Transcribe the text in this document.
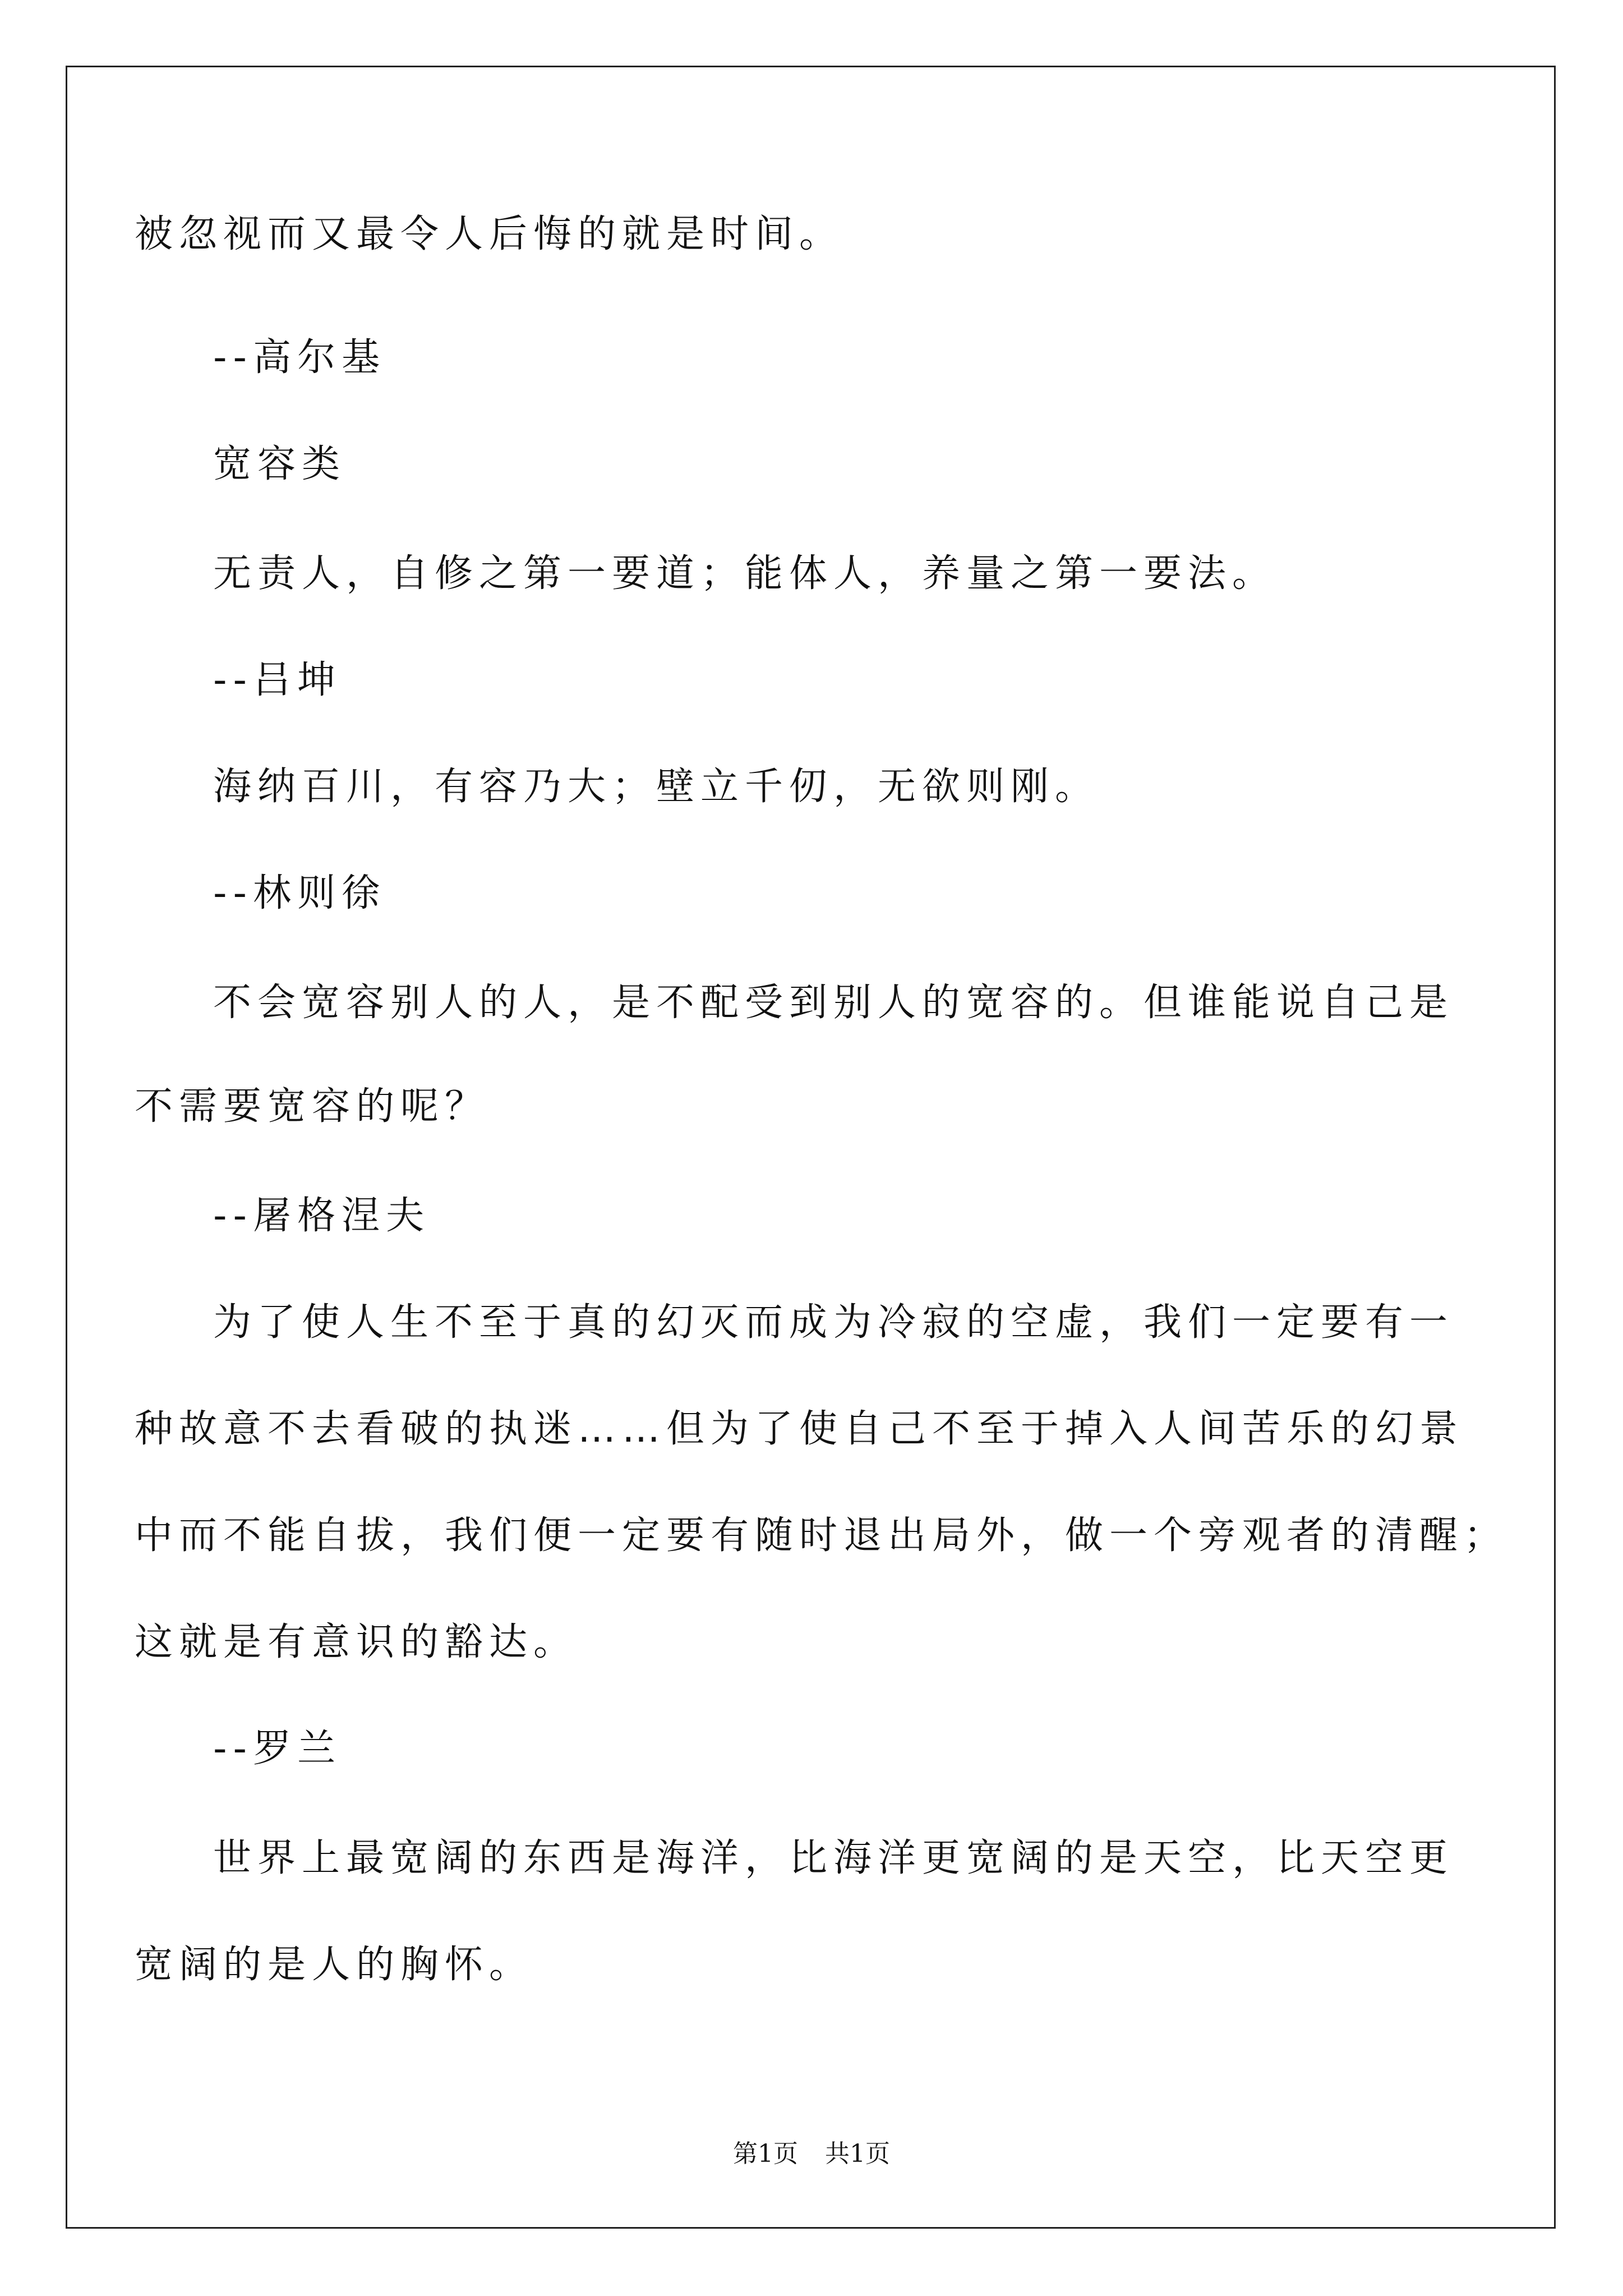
被忽视而又最令人后悔的就是时间。
--高尔基
宽容类
无责人，自修之第一要道；能体人，养量之第一要法。
--吕坤
海纳百川，有容乃大；壁立千仞，无欲则刚。
--林则徐
不会宽容别人的人，是不配受到别人的宽容的。但谁能说自己是
不需要宽容的呢？
--屠格涅夫
为了使人生不至于真的幻灭而成为冷寂的空虚，我们一定要有一
种故意不去看破的执迷……但为了使自己不至于掉入人间苦乐的幻景
中而不能自拔，我们便一定要有随时退出局外，做一个旁观者的清醒；
这就是有意识的豁达。
--罗兰
世界上最宽阔的东西是海洋，比海洋更宽阔的是天空，比天空更
宽阔的是人的胸怀。
第1页 共1页
